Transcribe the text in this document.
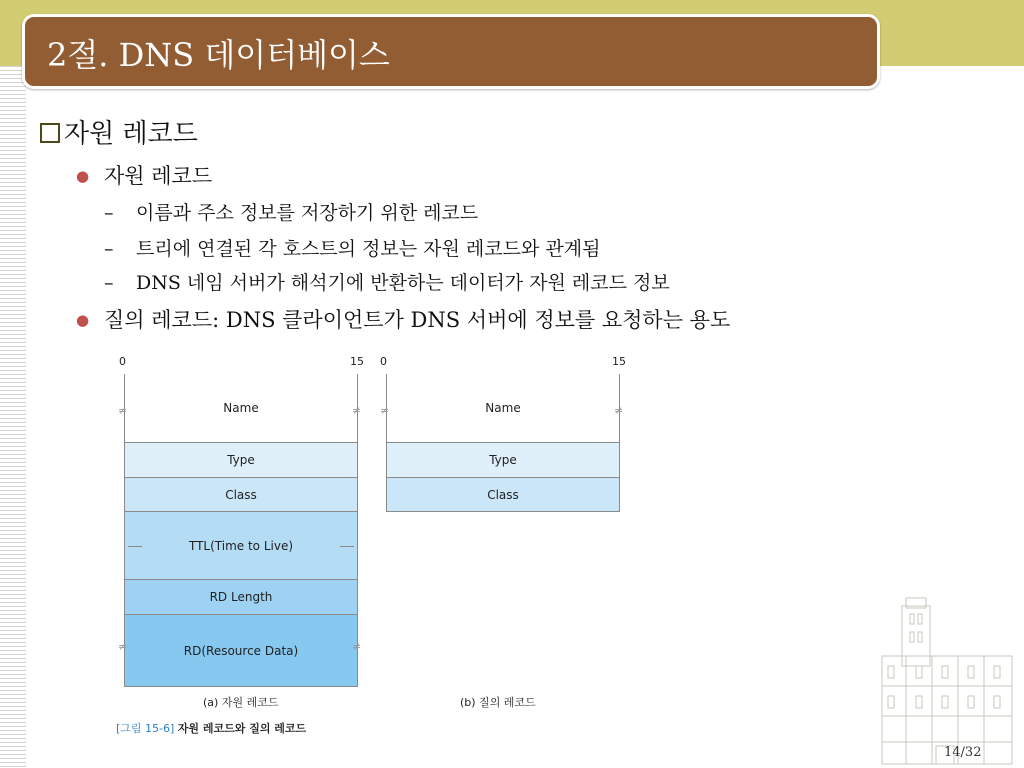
2절. DNS 데이터베이스
자원 레코드
● 자원 레코드
– 이름과 주소 정보를 저장하기 위한 레코드
– 트리에 연결된 각 호스트의 정보는 자원 레코드와 관계됨
– DNS 네임 서버가 해석기에 반환하는 데이터가 자원 레코드 정보
● 질의 레코드: DNS 클라이언트가 DNS 서버에 정보를 요청하는 용도
0	15
Name
Type
Class
TTL(Time to Live)
RD Length
RD(Resource Data)
≠	≠
≠	≠
(a) 자원 레코드
0	15
Name
Type
Class
≠	≠
(b) 질의 레코드
[그림 15-6] 자원 레코드와 질의 레코드
14/32
